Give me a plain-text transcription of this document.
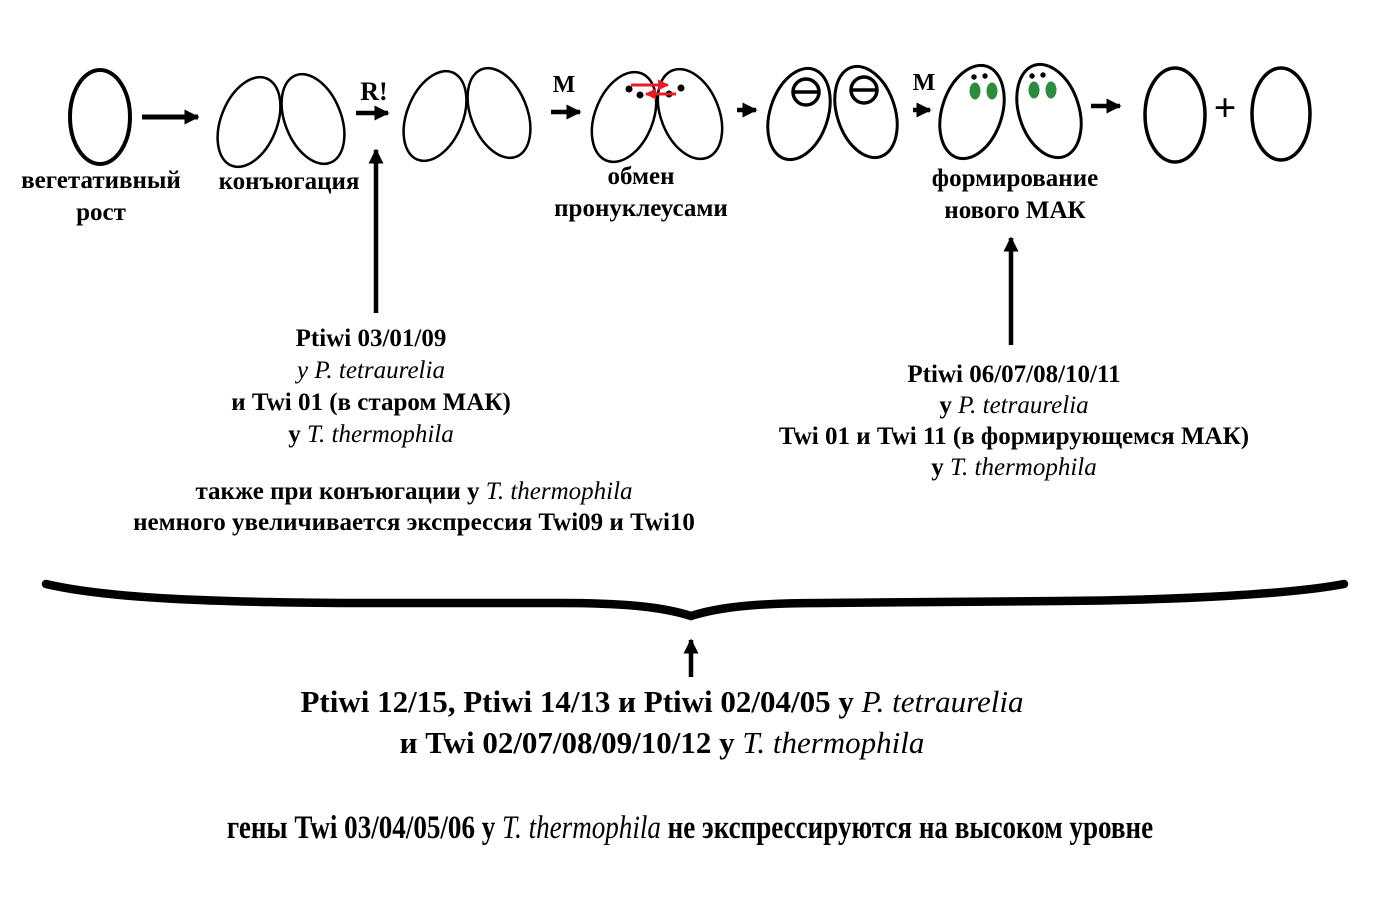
вегетативный
рост
конъюгация
R!	М
обмен
пронуклеусами
М
формирование
нового МАК
+
Ptiwi 03/01/09
у P. tetraurelia
и Twi 01 (в старом МАК)
у T. thermophila
также при конъюгации у T. thermophila
немного увеличивается экспрессия Twi09 и Twi10
Ptiwi 06/07/08/10/11
у P. tetraurelia
Twi 01 и Twi 11 (в формирующемся МАК)
у T. thermophila
Ptiwi 12/15, Ptiwi 14/13 и Ptiwi 02/04/05 у P. tetraurelia
и Twi 02/07/08/09/10/12 у T. thermophila
гены Twi 03/04/05/06 у T. thermophila не экспрессируются на высоком уровне
